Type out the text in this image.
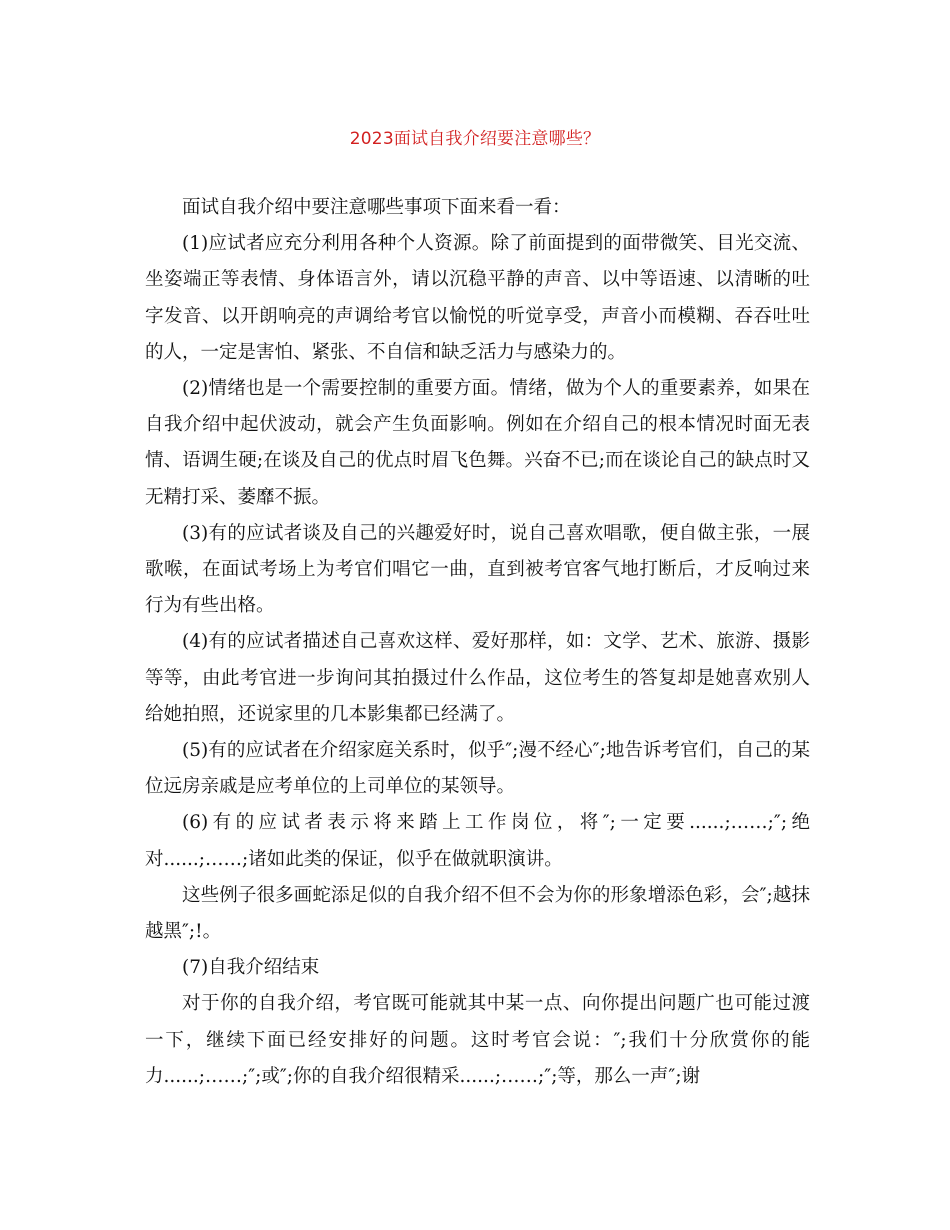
2023面试自我介绍要注意哪些？

面试自我介绍中要注意哪些事项下面来看一看：

(1)应试者应充分利用各种个人资源。除了前面提到的面带微笑、目光交流、坐姿端正等表情、身体语言外，请以沉稳平静的声音、以中等语速、以清晰的吐字发音、以开朗响亮的声调给考官以愉悦的听觉享受，声音小而模糊、吞吞吐吐的人，一定是害怕、紧张、不自信和缺乏活力与感染力的。

(2)情绪也是一个需要控制的重要方面。情绪，做为个人的重要素养，如果在自我介绍中起伏波动，就会产生负面影响。例如在介绍自己的根本情况时面无表情、语调生硬;在谈及自己的优点时眉飞色舞。兴奋不已;而在谈论自己的缺点时又无精打采、萎靡不振。

(3)有的应试者谈及自己的兴趣爱好时，说自己喜欢唱歌，便自做主张，一展歌喉，在面试考场上为考官们唱它一曲，直到被考官客气地打断后，才反响过来行为有些出格。

(4)有的应试者描述自己喜欢这样、爱好那样，如：文学、艺术、旅游、摄影等等，由此考官进一步询问其拍摄过什么作品，这位考生的答复却是她喜欢别人给她拍照，还说家里的几本影集都已经满了。

(5)有的应试者在介绍家庭关系时，似乎″;漫不经心″;地告诉考官们，自己的某位远房亲戚是应考单位的上司单位的某领导。

(6)有的应试者表示将来踏上工作岗位，将″;一定要......;……;″;绝对......;……;诸如此类的保证，似乎在做就职演讲。

这些例子很多画蛇添足似的自我介绍不但不会为你的形象增添色彩，会″;越抹越黑″;!。

(7)自我介绍结束

对于你的自我介绍，考官既可能就其中某一点、向你提出问题广也可能过渡一下，继续下面已经安排好的问题。这时考官会说：″;我们十分欣赏你的能力......;……;″;或″;你的自我介绍很精采......;……;″;等，那么一声″;谢
